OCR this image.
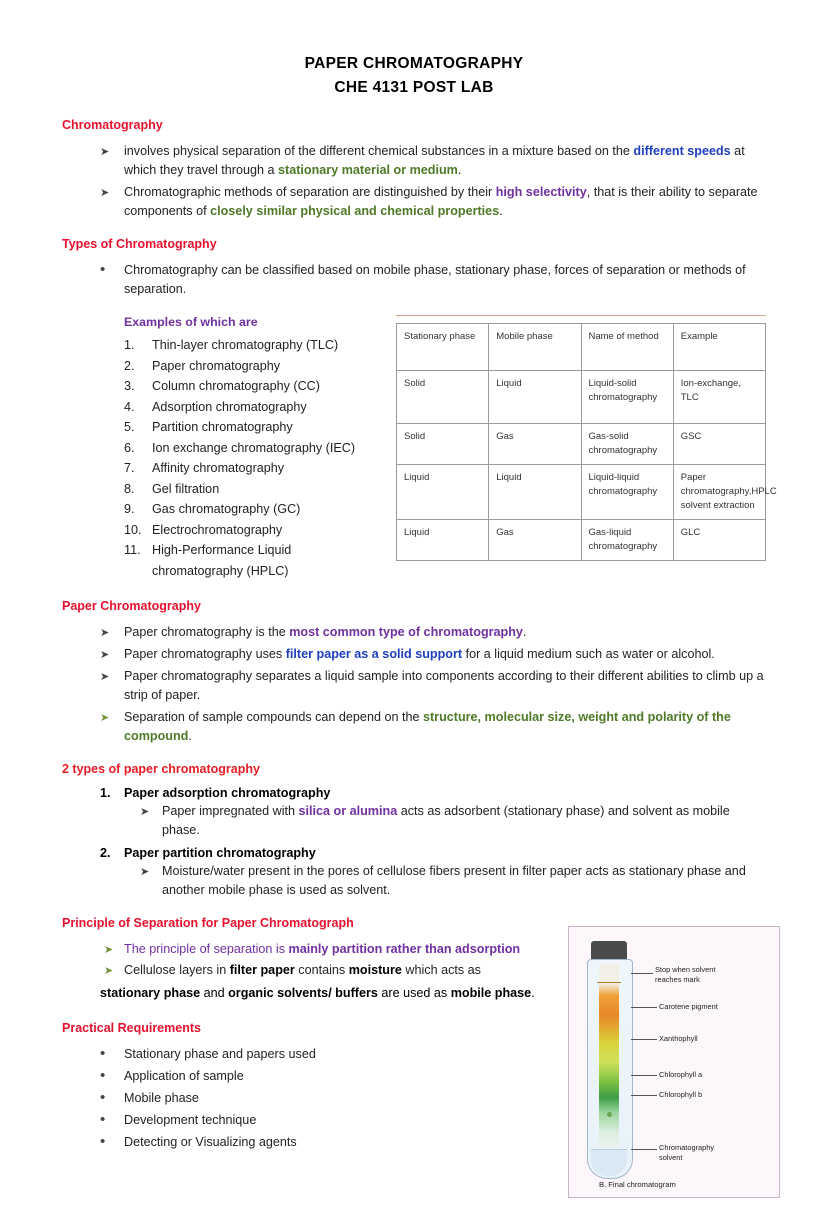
PAPER CHROMATOGRAPHY
CHE 4131 POST LAB
Chromatography
➤ involves physical separation of the different chemical substances in a mixture based on the different speeds at which they travel through a stationary material or medium.
➤ Chromatographic methods of separation are distinguished by their high selectivity, that is their ability to separate components of closely similar physical and chemical properties.
Types of Chromatography
• Chromatography can be classified based on mobile phase, stationary phase, forces of separation or methods of separation.
Examples of which are
Thin-layer chromatography (TLC)
Paper chromatography
Column chromatography (CC)
Adsorption chromatography
Partition chromatography
Ion exchange chromatography (IEC)
Affinity chromatography
Gel filtration
Gas chromatography (GC)
Electrochromatography
High-Performance Liquid chromatography (HPLC)
Stationary phase	Mobile phase	Name of method	Example
Solid	Liquid	Liquid-solid chromatography	Ion-exchange, TLC
Solid	Gas	Gas-solid chromatography	GSC
Liquid	Liquid	Liquid-liquid chromatography	Paper chromatography,HPLC solvent extraction
Liquid	Gas	Gas-liquid chromatography	GLC
Paper Chromatography
➤ Paper chromatography is the most common type of chromatography.
➤ Paper chromatography uses filter paper as a solid support for a liquid medium such as water or alcohol.
➤ Paper chromatography separates a liquid sample into components according to their different abilities to climb up a strip of paper.
➤ Separation of sample compounds can depend on the structure, molecular size, weight and polarity of the compound.
2 types of paper chromatography
1. Paper adsorption chromatography
➤ Paper impregnated with silica or alumina acts as adsorbent (stationary phase) and solvent as mobile phase.
2. Paper partition chromatography
➤ Moisture/water present in the pores of cellulose fibers present in filter paper acts as stationary phase and another mobile phase is used as solvent.
Principle of Separation for Paper Chromatograph
➤ The principle of separation is mainly partition rather than adsorption
➤ Cellulose layers in filter paper contains moisture which acts as
stationary phase and organic solvents/ buffers are used as mobile phase.
Practical Requirements
• Stationary phase and papers used
• Application of sample
• Mobile phase
• Development technique
• Detecting or Visualizing agents
Stop when solvent reaches mark
Carotene pigment
Xanthophyll
Chlorophyll a
Chlorophyll b
Chromatography solvent
B. Final chromatogram
